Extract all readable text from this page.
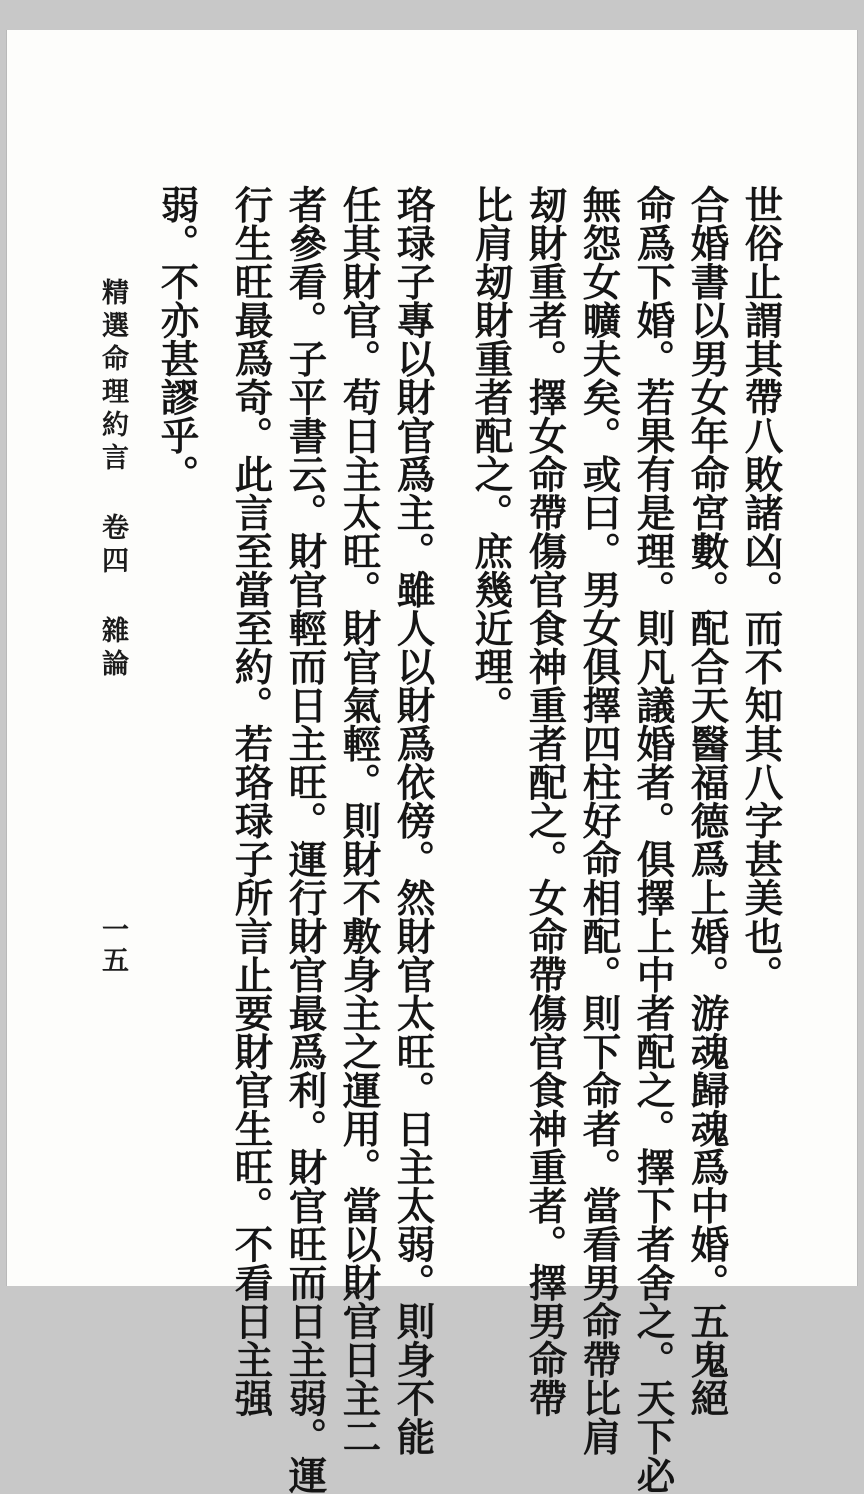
世俗止謂其帶八敗諸凶。而不知其八字甚美也。
合婚書以男女年命宮數。配合天醫福德爲上婚。游魂歸魂爲中婚。五鬼絕
命爲下婚。若果有是理。則凡議婚者。俱擇上中者配之。擇下者舍之。天下必
無怨女曠夫矣。或曰。男女俱擇四柱好命相配。則下命者。當看男命帶比肩
刼財重者。擇女命帶傷官食神重者配之。女命帶傷官食神重者。擇男命帶
比肩刼財重者配之。庶幾近理。
珞琭子專以財官爲主。雖人以財爲依傍。然財官太旺。日主太弱。則身不能
任其財官。苟日主太旺。財官氣輕。則財不敷身主之運用。當以財官日主二
者參看。子平書云。財官輕而日主旺。運行財官最爲利。財官旺而日主弱。運
行生旺最爲奇。此言至當至約。若珞琭子所言止要財官生旺。不看日主强
弱。不亦甚謬乎。
精選命理約言 卷四 雜論
一五
